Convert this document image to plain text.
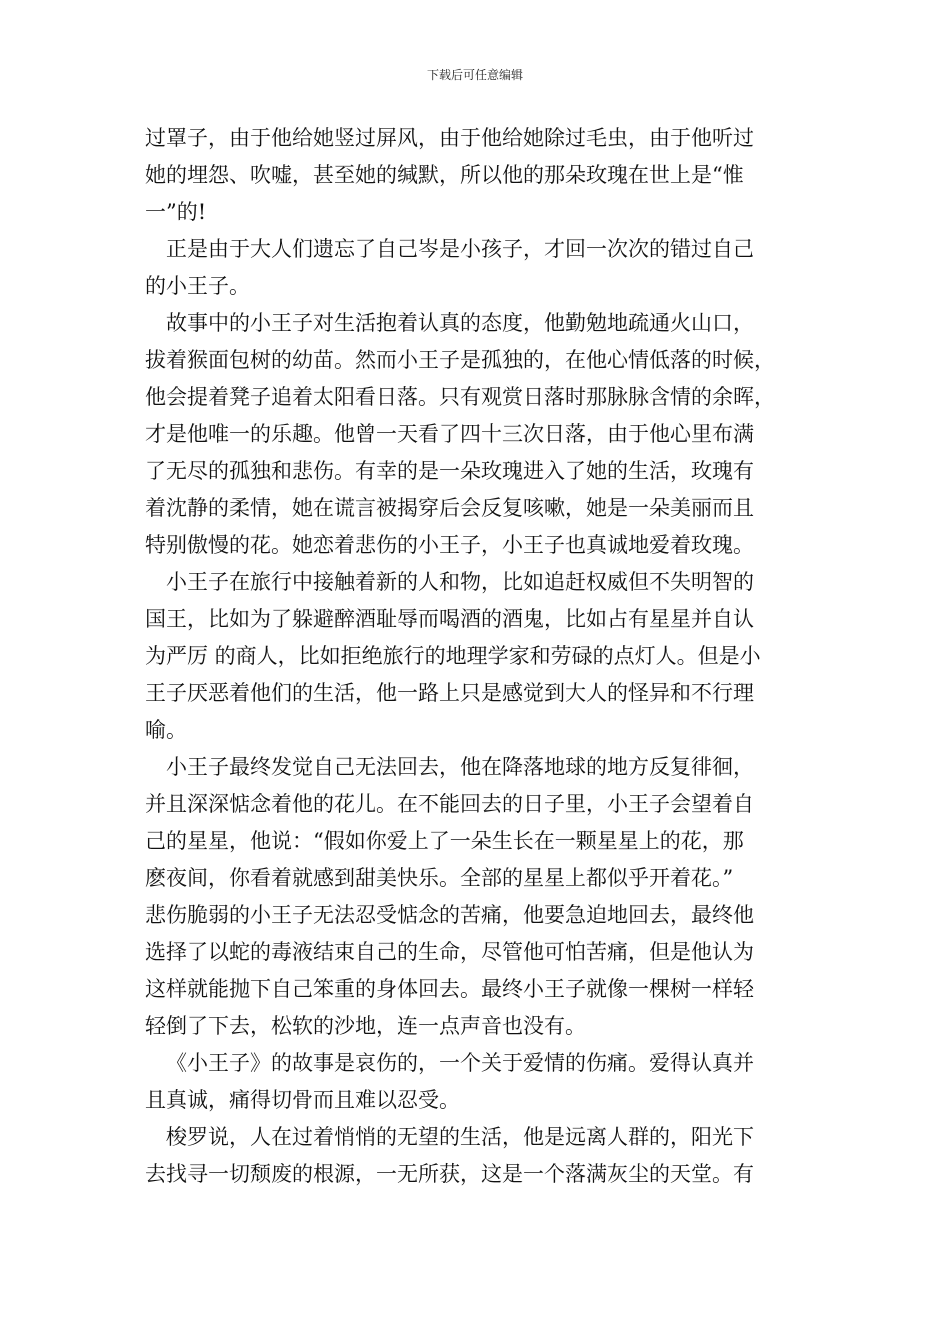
下载后可任意编辑
过罩子，由于他给她竖过屏风，由于他给她除过毛虫，由于他听过
她的埋怨、吹嘘，甚至她的缄默，所以他的那朵玫瑰在世上是“惟
一”的!
正是由于大人们遗忘了自己岑是小孩子，才回一次次的错过自己
的小王子。
故事中的小王子对生活抱着认真的态度，他勤勉地疏通火山口，
拔着猴面包树的幼苗。然而小王子是孤独的，在他心情低落的时候，
他会提着凳子追着太阳看日落。只有观赏日落时那脉脉含情的余晖，
才是他唯一的乐趣。他曾一天看了四十三次日落，由于他心里布满
了无尽的孤独和悲伤。有幸的是一朵玫瑰进入了她的生活，玫瑰有
着沈静的柔情，她在谎言被揭穿后会反复咳嗽，她是一朵美丽而且
特别傲慢的花。她恋着悲伤的小王子，小王子也真诚地爱着玫瑰。
小王子在旅行中接触着新的人和物，比如追赶权威但不失明智的
国王，比如为了躲避醉酒耻辱而喝酒的酒鬼，比如占有星星并自认
为严厉 的商人，比如拒绝旅行的地理学家和劳碌的点灯人。但是小
王子厌恶着他们的生活，他一路上只是感觉到大人的怪异和不行理
喻。
小王子最终发觉自己无法回去，他在降落地球的地方反复徘徊，
并且深深惦念着他的花儿。在不能回去的日子里，小王子会望着自
己的星星，他说：“假如你爱上了一朵生长在一颗星星上的花，那
麽夜间，你看着就感到甜美快乐。全部的星星上都似乎开着花。”
悲伤脆弱的小王子无法忍受惦念的苦痛，他要急迫地回去，最终他
选择了以蛇的毒液结束自己的生命，尽管他可怕苦痛，但是他认为
这样就能抛下自己笨重的身体回去。最终小王子就像一棵树一样轻
轻倒了下去，松软的沙地，连一点声音也没有。
《小王子》的故事是哀伤的，一个关于爱情的伤痛。爱得认真并
且真诚，痛得切骨而且难以忍受。
梭罗说，人在过着悄悄的无望的生活，他是远离人群的，阳光下
去找寻一切颓废的根源，一无所获，这是一个落满灰尘的天堂。有
